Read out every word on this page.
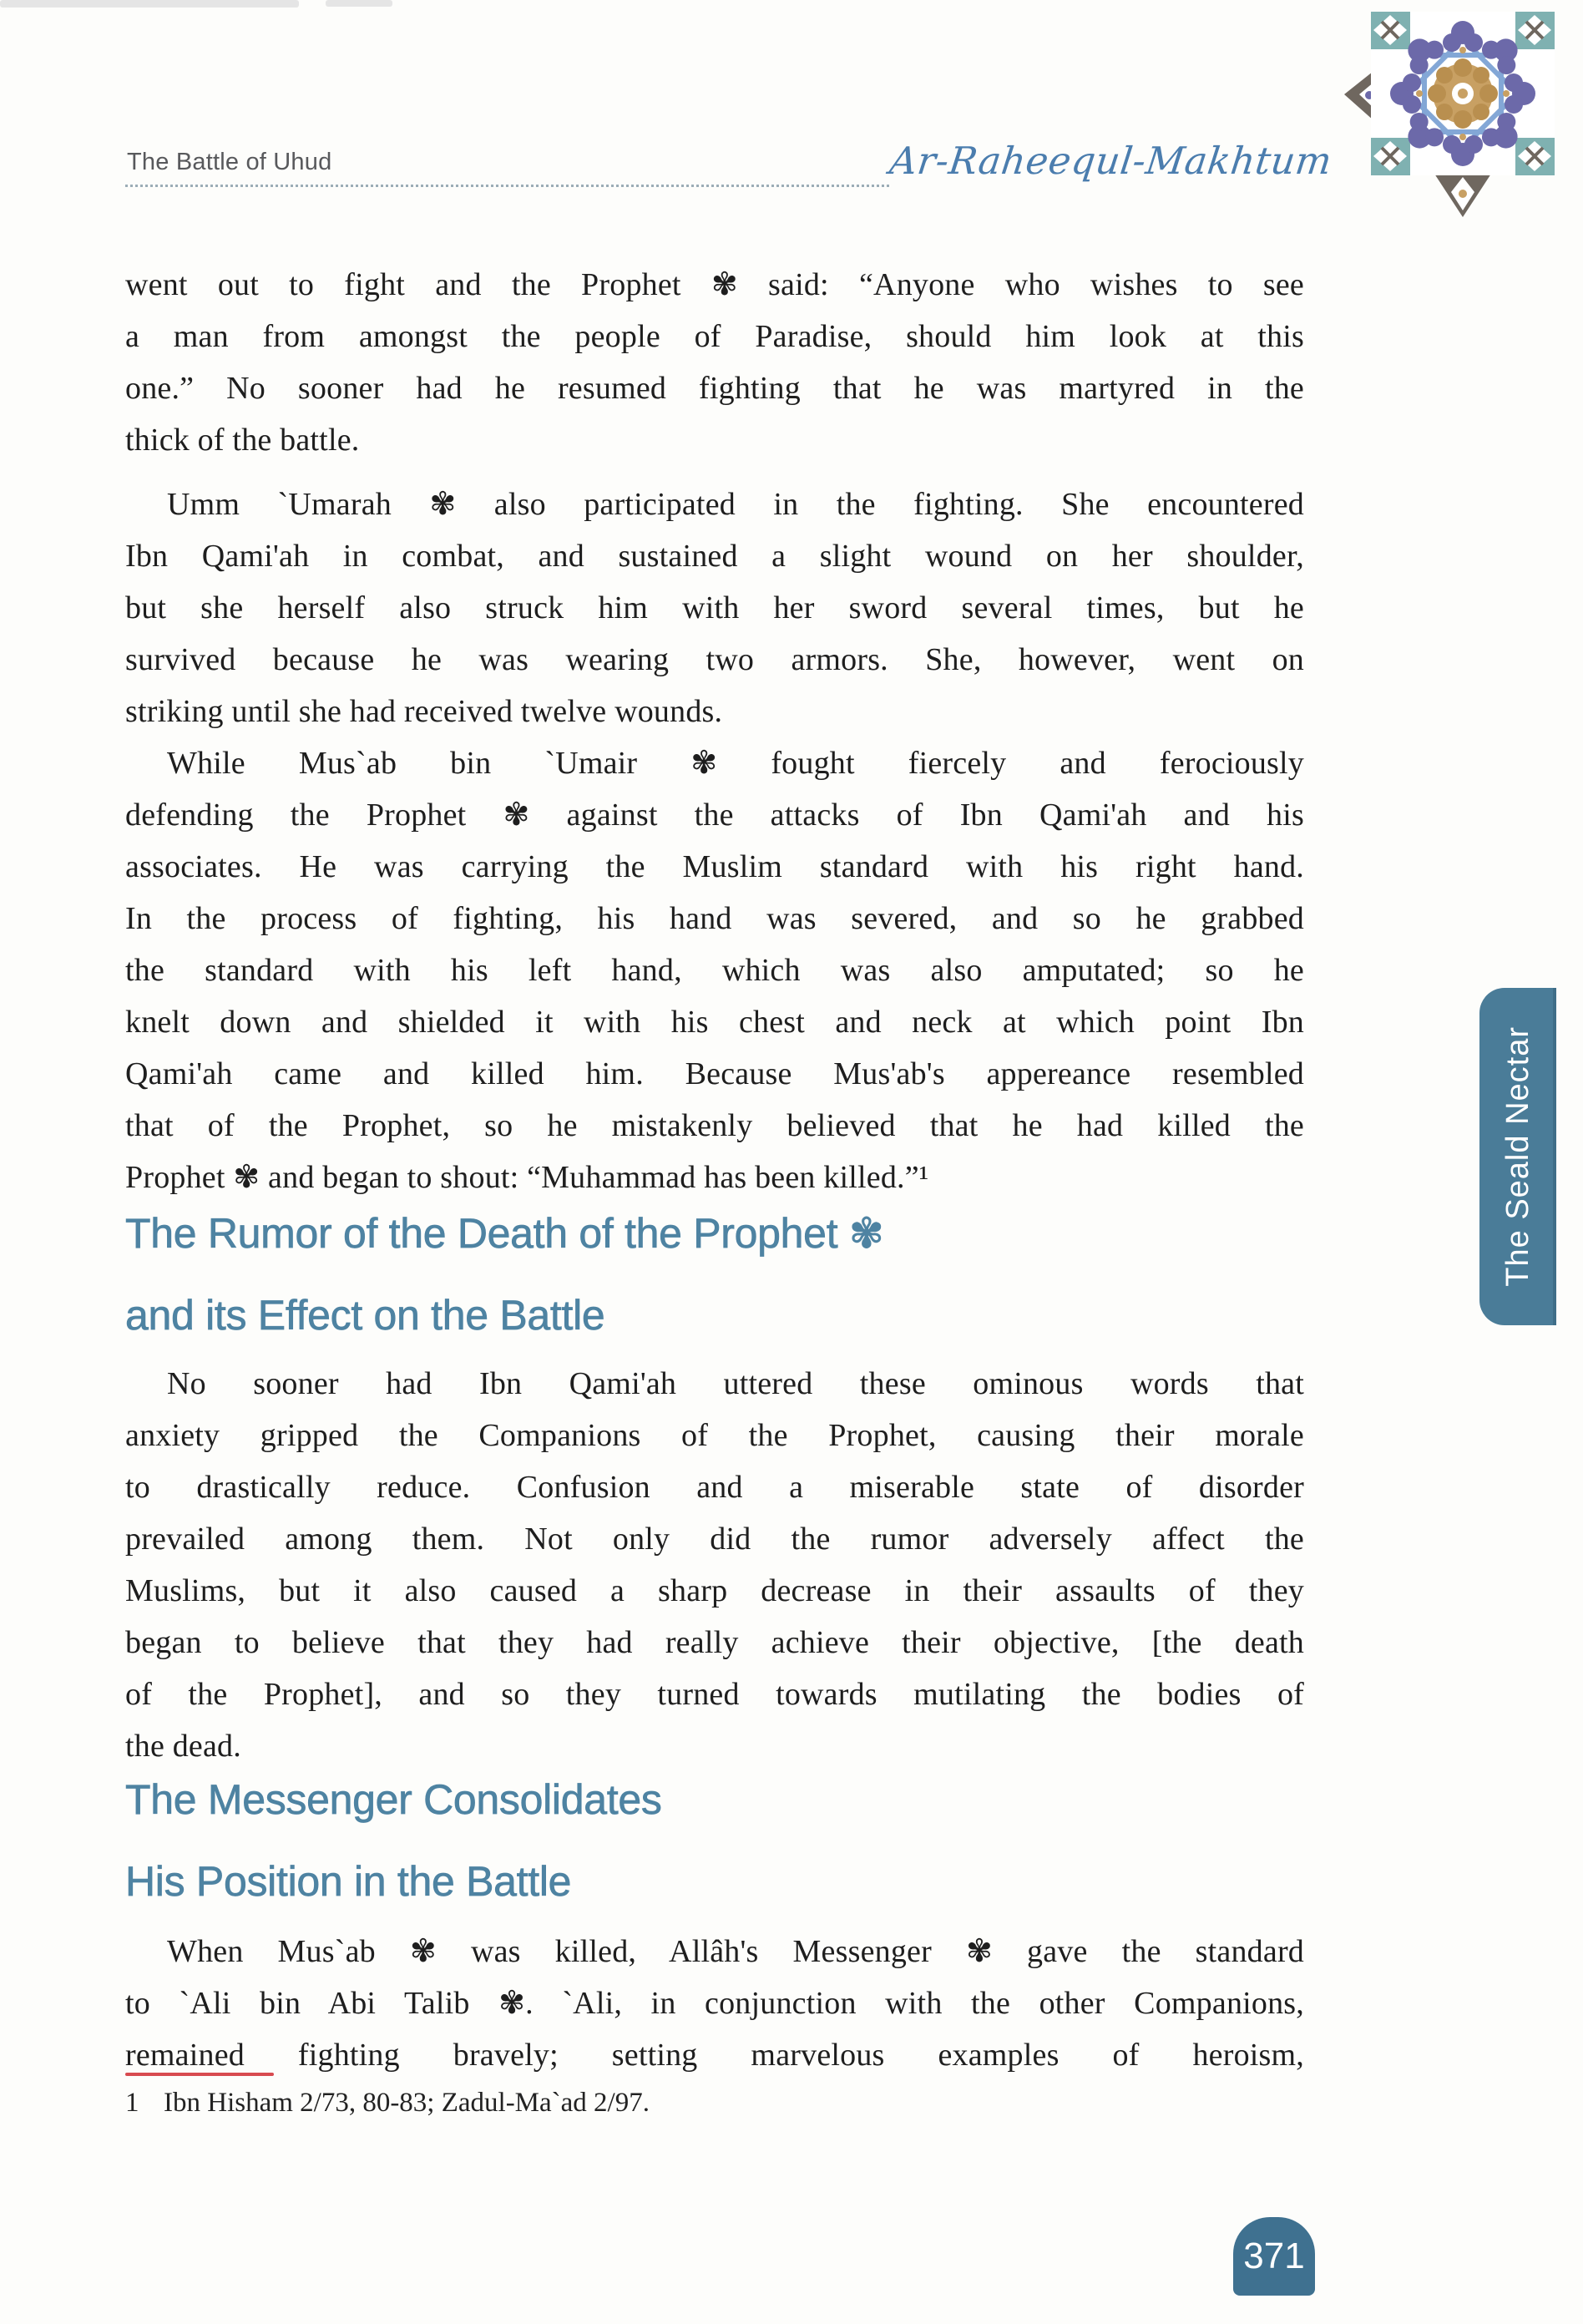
The Battle of Uhud	Ar-Raheequl-Makhtum
went out to fight and the Prophet ✾ said: “Anyone who wishes to see
a man from amongst the people of Paradise, should him look at this
one.” No sooner had he resumed fighting that he was martyred in the
thick of the battle.
Umm `Umarah ✾ also participated in the fighting. She encountered
Ibn Qami'ah in combat, and sustained a slight wound on her shoulder,
but she herself also struck him with her sword several times, but he
survived because he was wearing two armors. She, however, went on
striking until she had received twelve wounds.
While Mus`ab bin `Umair ✾ fought fiercely and ferociously
defending the Prophet ✾ against the attacks of Ibn Qami'ah and his
associates. He was carrying the Muslim standard with his right hand.
In the process of fighting, his hand was severed, and so he grabbed
the standard with his left hand, which was also amputated; so he
knelt down and shielded it with his chest and neck at which point Ibn
Qami'ah came and killed him. Because Mus'ab's appereance resembled
that of the Prophet, so he mistakenly believed that he had killed the
Prophet ✾ and began to shout: “Muhammad has been killed.”¹
The Rumor of the Death of the Prophet ✾
and its Effect on the Battle
No sooner had Ibn Qami'ah uttered these ominous words that
anxiety gripped the Companions of the Prophet, causing their morale
to drastically reduce. Confusion and a miserable state of disorder
prevailed among them. Not only did the rumor adversely affect the
Muslims, but it also caused a sharp decrease in their assaults of they
began to believe that they had really achieve their objective, [the death
of the Prophet], and so they turned towards mutilating the bodies of
the dead.
The Messenger Consolidates
His Position in the Battle
When Mus`ab ✾ was killed, Allâh's Messenger ✾ gave the standard
to `Ali bin Abi Talib ✾. `Ali, in conjunction with the other Companions,
remained fighting bravely; setting marvelous examples of heroism,
1 Ibn Hisham 2/73, 80-83; Zadul-Ma`ad 2/97.
The Seald Nectar
371
